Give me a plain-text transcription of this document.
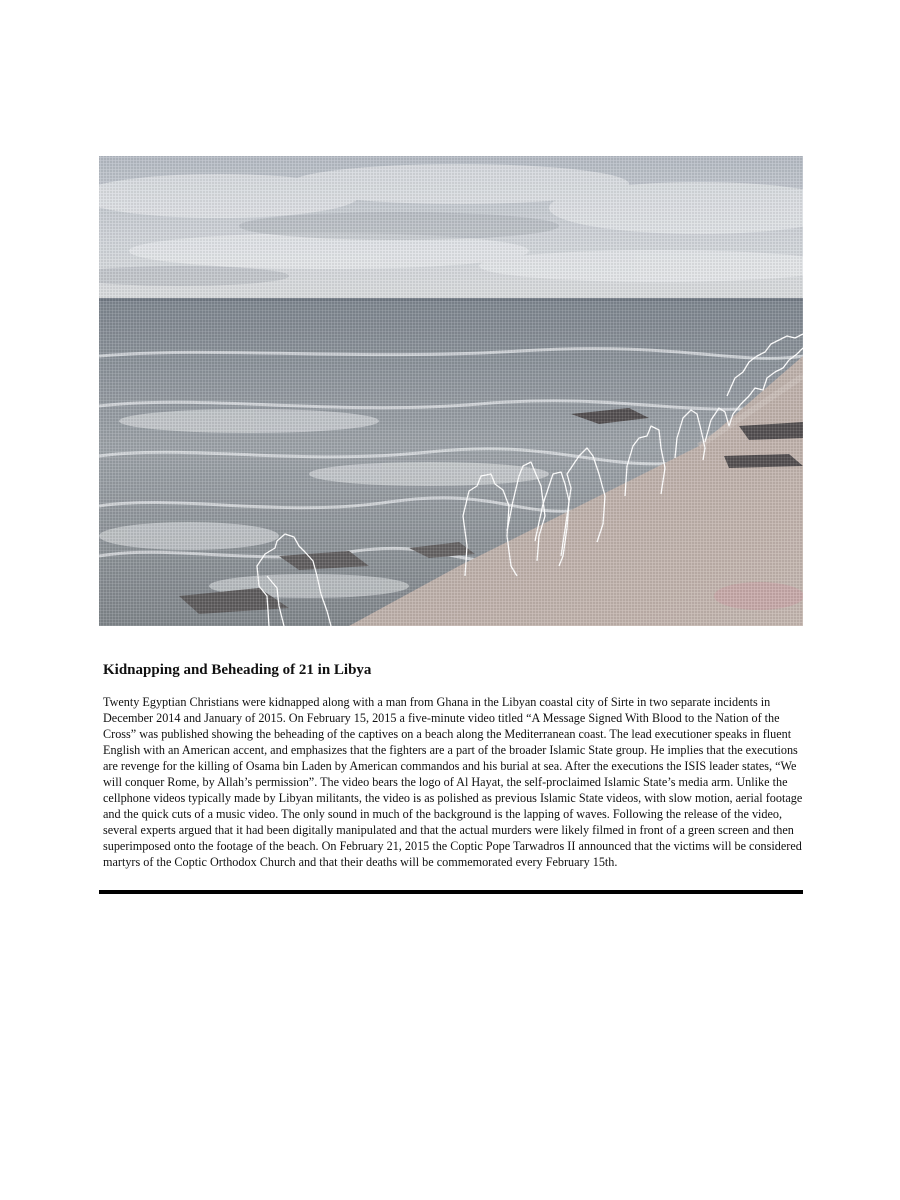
Kidnapping and Beheading of 21 in Libya

Twenty Egyptian Christians were kidnapped along with a man from Ghana in the Libyan coastal city of Sirte in two separate incidents in December 2014 and January of 2015. On February 15, 2015 a five-minute video titled “A Message Signed With Blood to the Nation of the Cross” was published showing the beheading of the captives on a beach along the Mediterranean coast. The lead executioner speaks in fluent English with an American accent, and emphasizes that the fighters are a part of the broader Islamic State group. He implies that the executions are revenge for the killing of Osama bin Laden by American commandos and his burial at sea. After the executions the ISIS leader states, “We will conquer Rome, by Allah’s permission”. The video bears the logo of Al Hayat, the self-proclaimed Islamic State’s media arm. Unlike the cellphone videos typically made by Libyan militants, the video is as polished as previous Islamic State videos, with slow motion, aerial footage and the quick cuts of a music video. The only sound in much of the background is the lapping of waves. Following the release of the video, several experts argued that it had been digitally manipulated and that the actual murders were likely filmed in front of a green screen and then superimposed onto the footage of the beach. On February 21, 2015 the Coptic Pope Tarwadros II announced that the victims will be considered martyrs of the Coptic Orthodox Church and that their deaths will be commemorated every February 15th.
